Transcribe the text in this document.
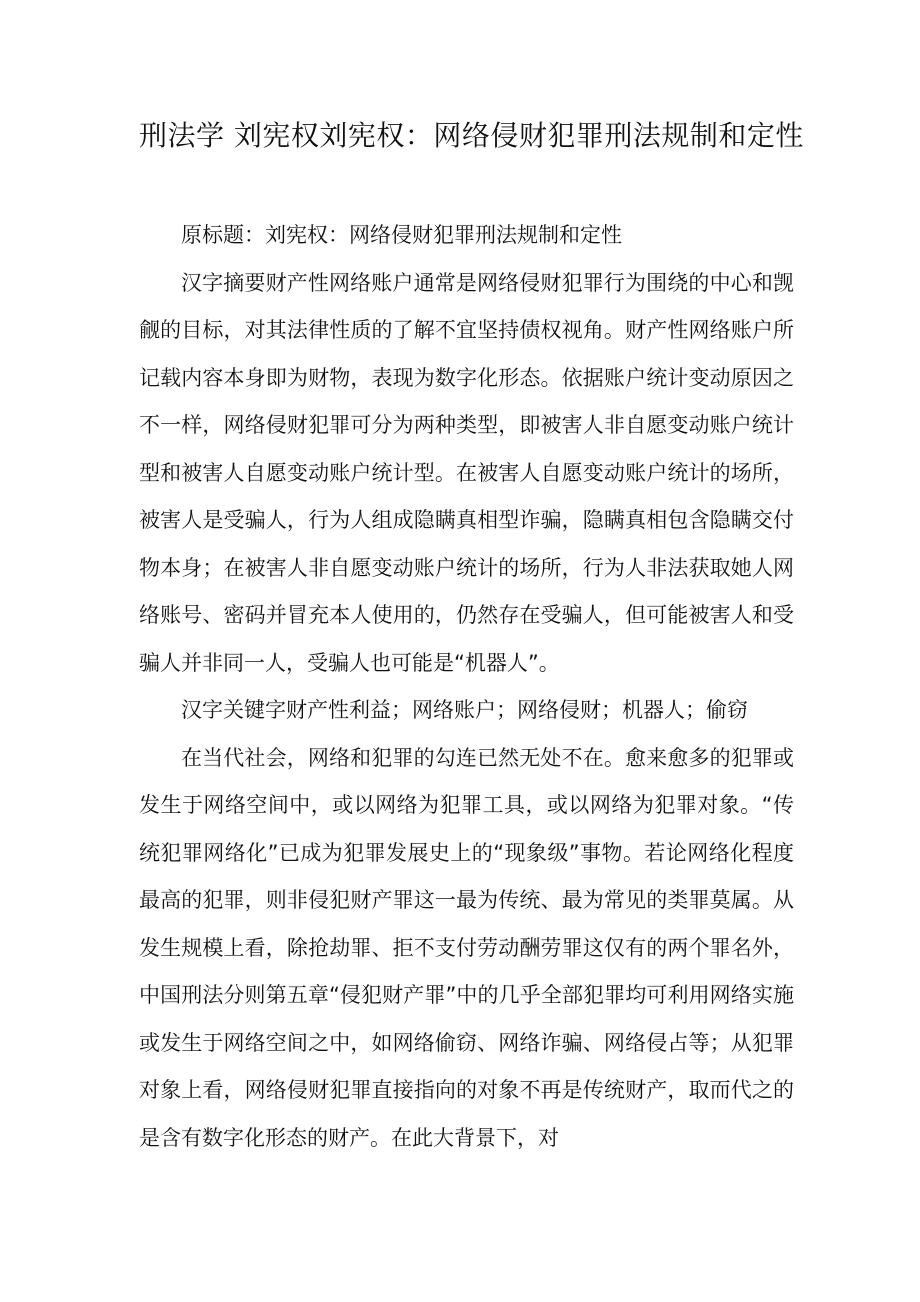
刑法学 刘宪权刘宪权：网络侵财犯罪刑法规制和定性

原标题：刘宪权：网络侵财犯罪刑法规制和定性

汉字摘要财产性网络账户通常是网络侵财犯罪行为围绕的中心和觊觎的目标，对其法律性质的了解不宜坚持债权视角。财产性网络账户所记载内容本身即为财物，表现为数字化形态。依据账户统计变动原因之不一样，网络侵财犯罪可分为两种类型，即被害人非自愿变动账户统计型和被害人自愿变动账户统计型。在被害人自愿变动账户统计的场所，被害人是受骗人，行为人组成隐瞒真相型诈骗，隐瞒真相包含隐瞒交付物本身；在被害人非自愿变动账户统计的场所，行为人非法获取她人网络账号、密码并冒充本人使用的，仍然存在受骗人，但可能被害人和受骗人并非同一人，受骗人也可能是“机器人”。

汉字关键字财产性利益；网络账户；网络侵财；机器人；偷窃

在当代社会，网络和犯罪的勾连已然无处不在。愈来愈多的犯罪或发生于网络空间中，或以网络为犯罪工具，或以网络为犯罪对象。“传统犯罪网络化”已成为犯罪发展史上的“现象级”事物。若论网络化程度最高的犯罪，则非侵犯财产罪这一最为传统、最为常见的类罪莫属。从发生规模上看，除抢劫罪、拒不支付劳动酬劳罪这仅有的两个罪名外，中国刑法分则第五章“侵犯财产罪”中的几乎全部犯罪均可利用网络实施或发生于网络空间之中，如网络偷窃、网络诈骗、网络侵占等；从犯罪对象上看，网络侵财犯罪直接指向的对象不再是传统财产，取而代之的是含有数字化形态的财产。在此大背景下，对
